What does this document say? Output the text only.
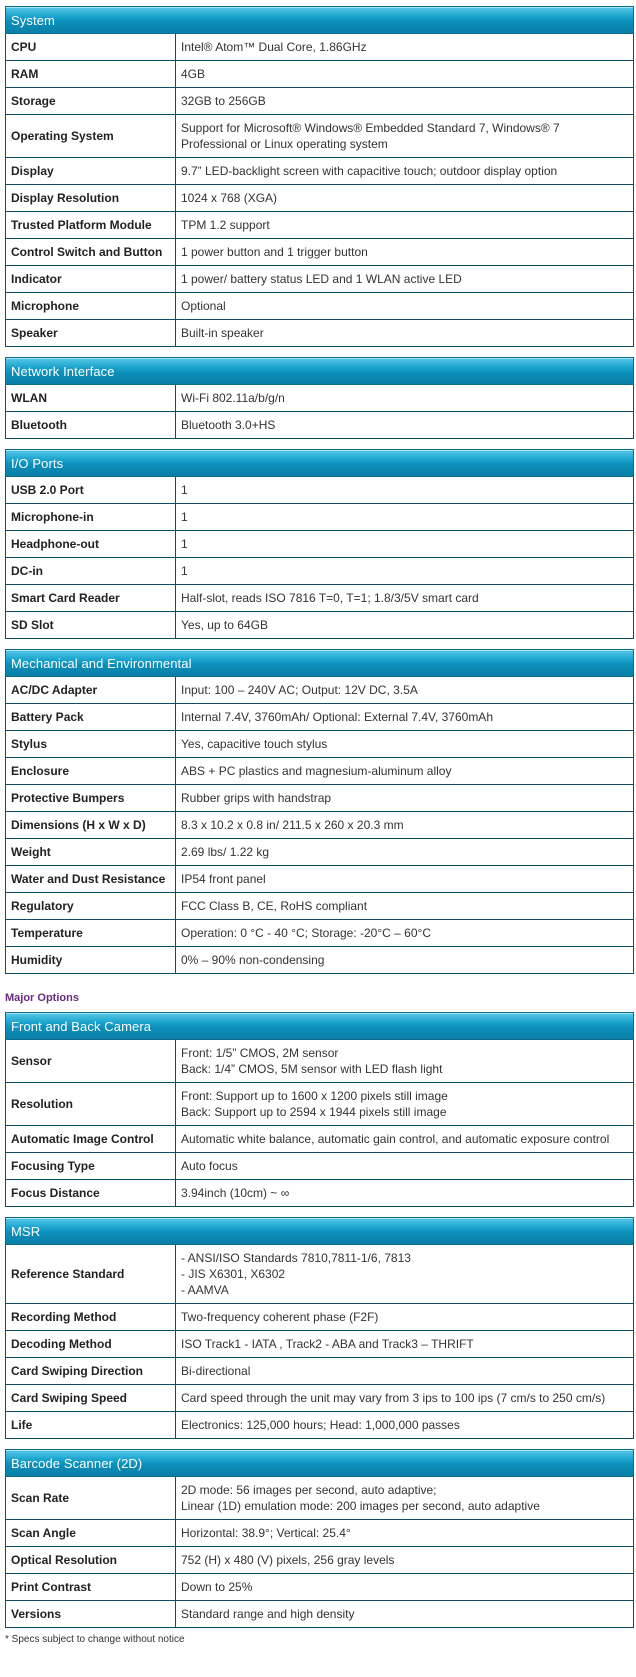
System	
CPU	Intel® Atom™ Dual Core, 1.86GHz
RAM	4GB
Storage	32GB to 256GB
Operating System	Support for Microsoft® Windows® Embedded Standard 7, Windows® 7
Professional or Linux operating system
Display	9.7” LED-backlight screen with capacitive touch; outdoor display option
Display Resolution	1024 x 768 (XGA)
Trusted Platform Module	TPM 1.2 support
Control Switch and Button	1 power button and 1 trigger button
Indicator	1 power/ battery status LED and 1 WLAN active LED
Microphone	Optional
Speaker	Built-in speaker
Network Interface	
WLAN	Wi-Fi 802.11a/b/g/n
Bluetooth	Bluetooth 3.0+HS
I/O Ports	
USB 2.0 Port	1
Microphone-in	1
Headphone-out	1
DC-in	1
Smart Card Reader	Half-slot, reads ISO 7816 T=0, T=1; 1.8/3/5V smart card
SD Slot	Yes, up to 64GB
Mechanical and Environmental	
AC/DC Adapter	Input: 100 – 240V AC; Output: 12V DC, 3.5A
Battery Pack	Internal 7.4V, 3760mAh/ Optional: External 7.4V, 3760mAh
Stylus	Yes, capacitive touch stylus
Enclosure	ABS + PC plastics and magnesium-aluminum alloy
Protective Bumpers	Rubber grips with handstrap
Dimensions (H x W x D)	8.3 x 10.2 x 0.8 in/ 211.5 x 260 x 20.3 mm
Weight	2.69 lbs/ 1.22 kg
Water and Dust Resistance	IP54 front panel
Regulatory	FCC Class B, CE, RoHS compliant
Temperature	Operation: 0 °C - 40 °C; Storage: -20°C – 60°C
Humidity	0% – 90% non-condensing
Major Options
Front and Back Camera	
Sensor	Front: 1/5” CMOS, 2M sensor
Back: 1/4” CMOS, 5M sensor with LED flash light
Resolution	Front: Support up to 1600 x 1200 pixels still image
Back: Support up to 2594 x 1944 pixels still image
Automatic Image Control	Automatic white balance, automatic gain control, and automatic exposure control
Focusing Type	Auto focus
Focus Distance	3.94inch (10cm) ~ ∞
MSR	
Reference Standard	- ANSI/ISO Standards 7810,7811-1/6, 7813
- JIS X6301, X6302
- AAMVA
Recording Method	Two-frequency coherent phase (F2F)
Decoding Method	ISO Track1 - IATA , Track2 - ABA and Track3 – THRIFT
Card Swiping Direction	Bi-directional
Card Swiping Speed	Card speed through the unit may vary from 3 ips to 100 ips (7 cm/s to 250 cm/s)
Life	Electronics: 125,000 hours; Head: 1,000,000 passes
Barcode Scanner (2D)	
Scan Rate	2D mode: 56 images per second, auto adaptive;
Linear (1D) emulation mode: 200 images per second, auto adaptive
Scan Angle	Horizontal: 38.9°; Vertical: 25.4°
Optical Resolution	752 (H) x 480 (V) pixels, 256 gray levels
Print Contrast	Down to 25%
Versions	Standard range and high density
* Specs subject to change without notice
